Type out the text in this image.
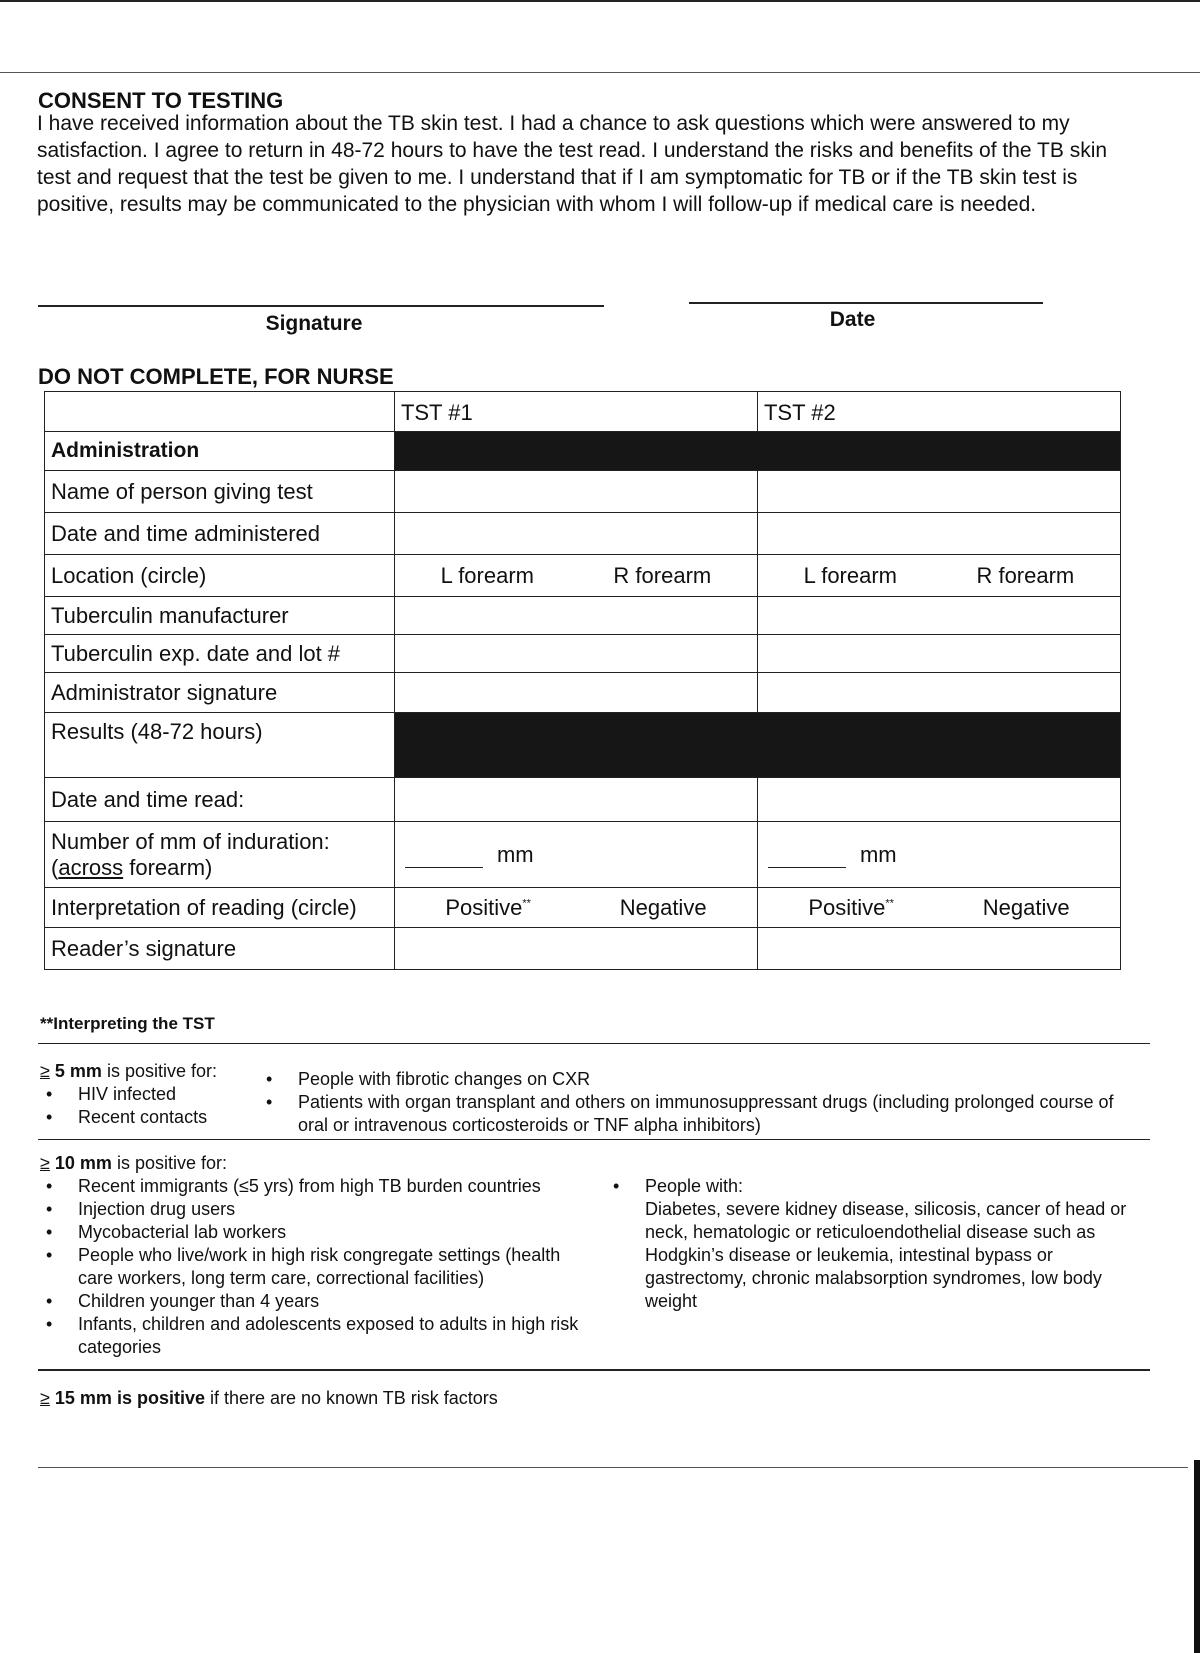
CONSENT TO TESTING

I have received information about the TB skin test. I had a chance to ask questions which were answered to my satisfaction. I agree to return in 48-72 hours to have the test read. I understand the risks and benefits of the TB skin test and request that the test be given to me. I understand that if I am symptomatic for TB or if the TB skin test is positive, results may be communicated to the physician with whom I will follow-up if medical care is needed.

Signature	Date
DO NOT COMPLETE, FOR NURSE
	TST #1	TST #2
Administration		
Name of person giving test		
Date and time administered		
Location (circle)	L forearm R forearm	L forearm R forearm

Tuberculin manufacturer		
Tuberculin exp. date and lot #		
Administrator signature		
Results (48-72 hours)		
Date and time read:		
Number of mm of induration:
(across forearm)	mm	mm

Interpretation of reading (circle)	Positive** Negative	Positive** Negative

Reader’s signature		
**Interpreting the TST
≥ 5 mm is positive for:
• HIV infected
• Recent contacts
• People with fibrotic changes on CXR
• Patients with organ transplant and others on immunosuppressant drugs (including prolonged course of oral or intravenous corticosteroids or TNF alpha inhibitors)
≥ 10 mm is positive for:
• Recent immigrants (≤5 yrs) from high TB burden countries
• Injection drug users
• Mycobacterial lab workers
• People who live/work in high risk congregate settings (health care workers, long term care, correctional facilities)
• Children younger than 4 years
• Infants, children and adolescents exposed to adults in high risk categories
• People with:
Diabetes, severe kidney disease, silicosis, cancer of head or neck, hematologic or reticuloendothelial disease such as Hodgkin’s disease or leukemia, intestinal bypass or gastrectomy, chronic malabsorption syndromes, low body weight
≥ 15 mm is positive if there are no known TB risk factors
